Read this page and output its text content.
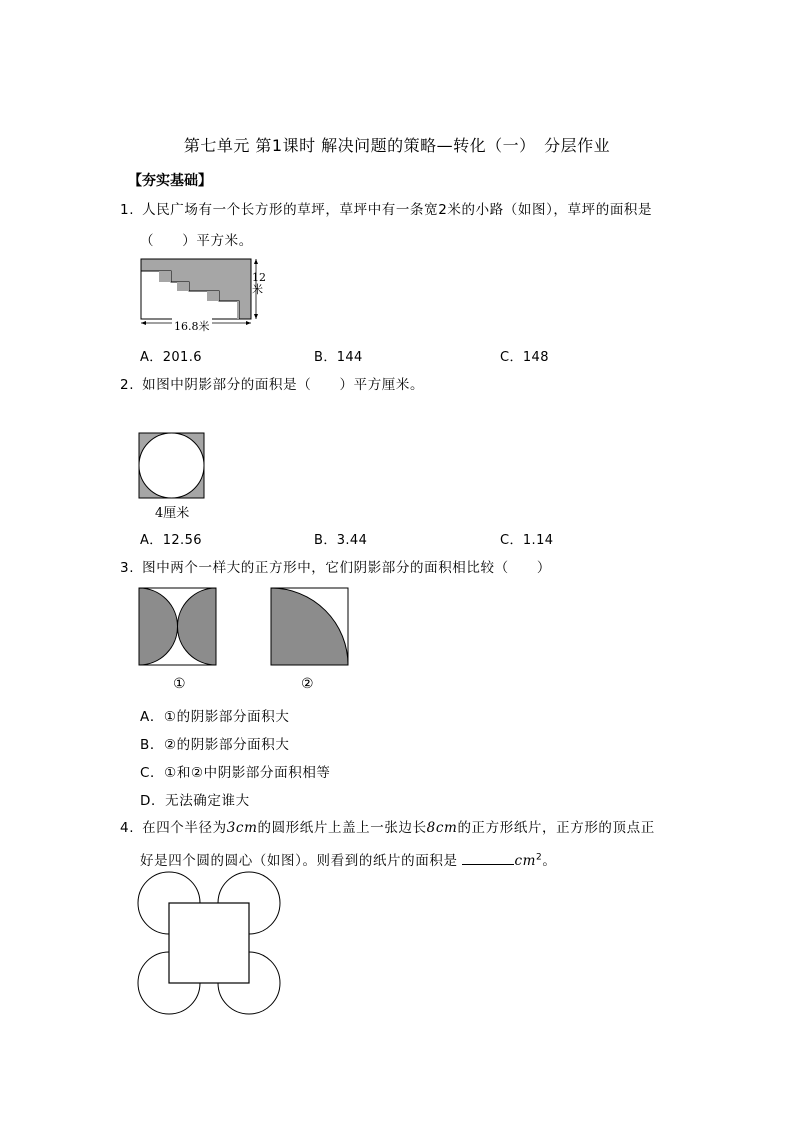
第七单元 第1课时 解决问题的策略—转化（一）　分层作业
【夯实基础】
1. 人民广场有一个长方形的草坪，草坪中有一条宽2米的小路（如图），草坪的面积是
（　　）平方米。
12
米
16.8米
A．201.6	B．144	C．148
2. 如图中阴影部分的面积是（　　）平方厘米。
4厘米
A．12.56	B．3.44	C．1.14
3. 图中两个一样大的正方形中，它们阴影部分的面积相比较（　　）
①	②
A．①的阴影部分面积大
B．②的阴影部分面积大
C．①和②中阴影部分面积相等
D．无法确定谁大
4. 在四个半径为3cm的圆形纸片上盖上一张边长8cm的正方形纸片，正方形的顶点正
好是四个圆的圆心（如图）。则看到的纸片的面积是	$cm^2$。
